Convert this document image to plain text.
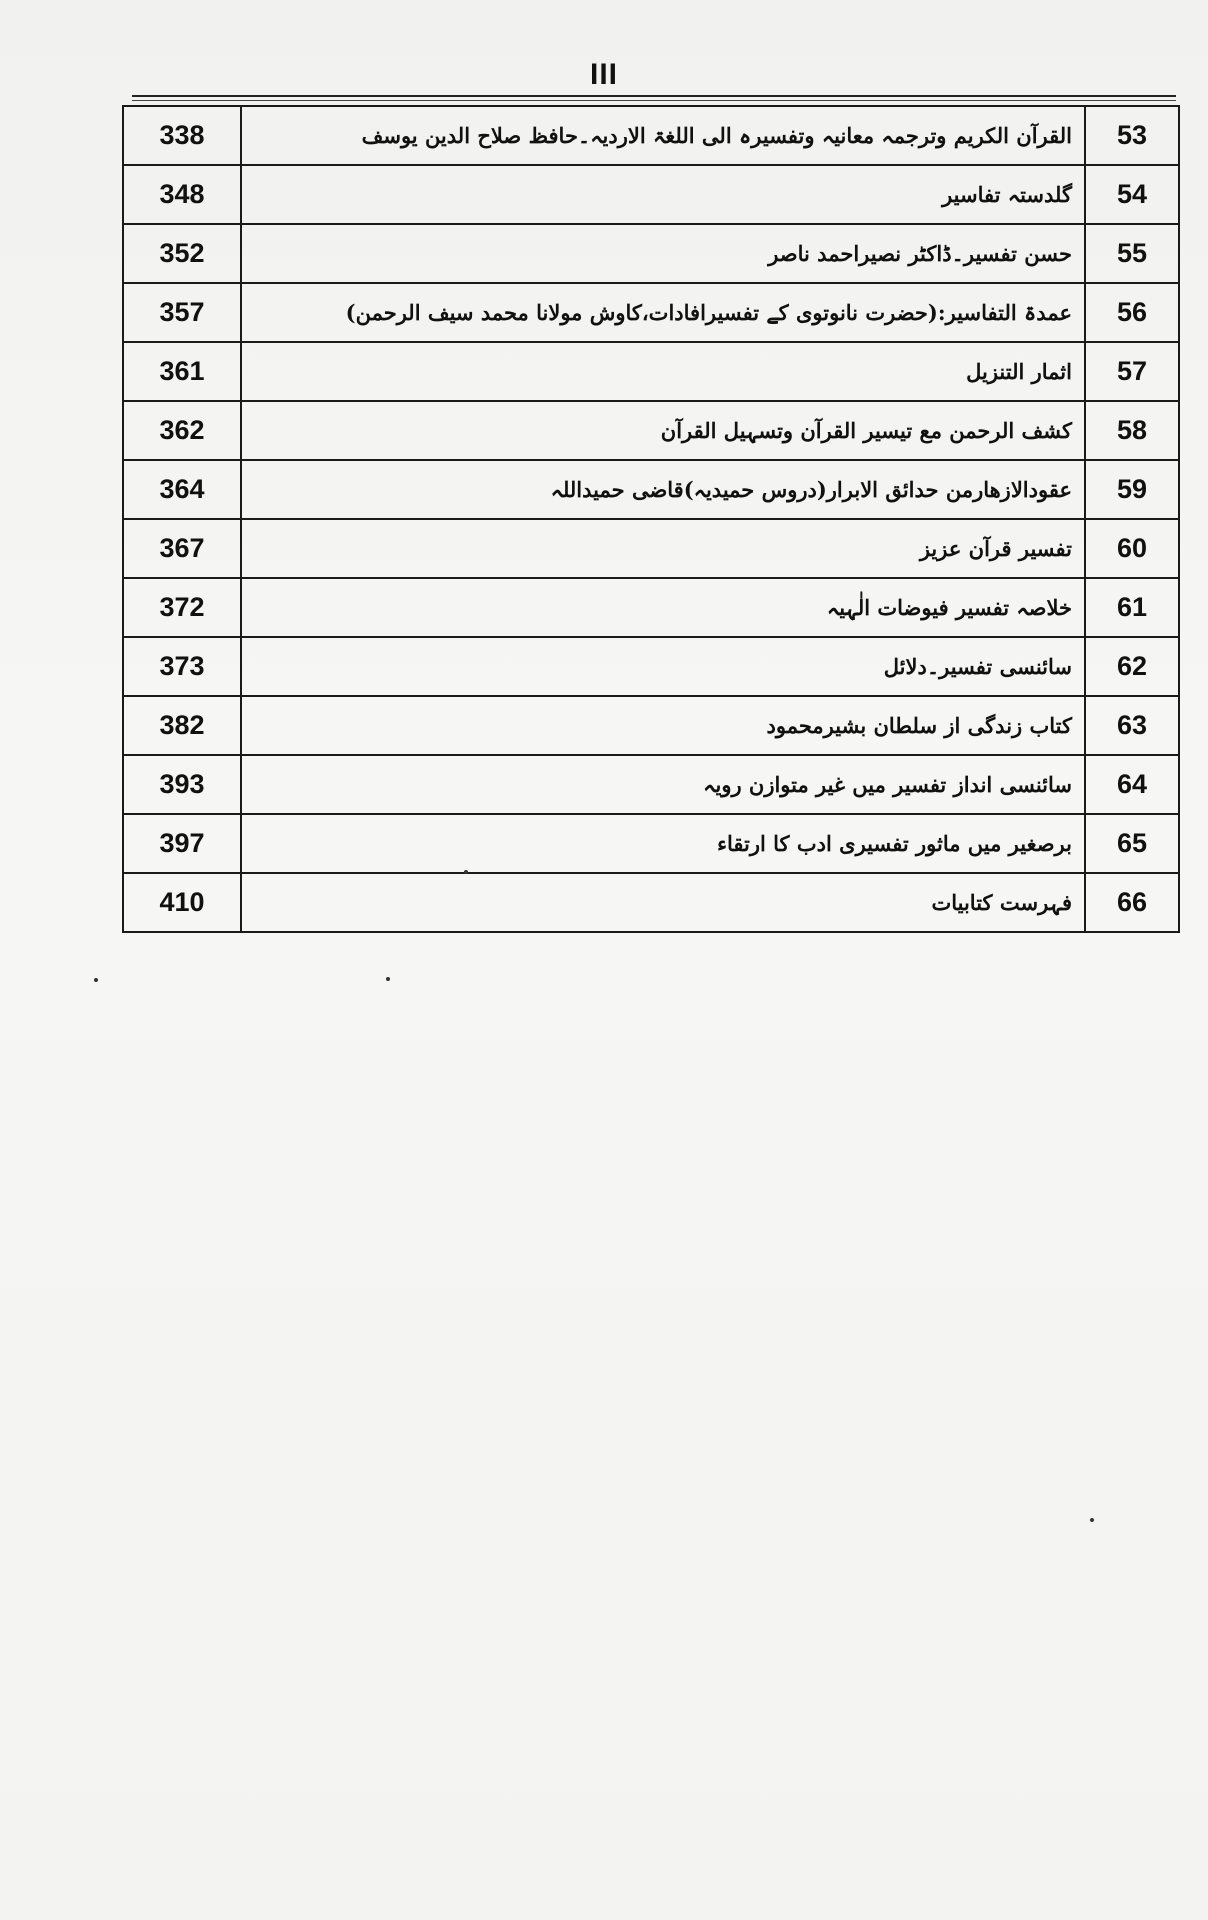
III
338	القرآن الکریم وترجمہ معانیہ وتفسیرہ الی اللغۃ الاردیہ۔حافظ صلاح الدین یوسف	53
348	گلدستہ تفاسیر	54
352	حسن تفسیر۔ڈاکٹر نصیراحمد ناصر	55
357	عمدۃ التفاسیر:(حضرت نانوتوی کے تفسیرافادات،کاوش مولانا محمد سیف الرحمن)	56
361	اثمار التنزیل	57
362	کشف الرحمن مع تیسیر القرآن وتسہیل القرآن	58
364	عقودالازھارمن حدائق الابرار(دروس حمیدیہ)قاضی حمیداللہ	59
367	تفسیر قرآن عزیز	60
372	خلاصہ تفسیر فیوضات الٰہیہ	61
373	سائنسی تفسیر۔دلائل	62
382	کتاب زندگی از سلطان بشیرمحمود	63
393	سائنسی انداز تفسیر میں غیر متوازن رویہ	64
397	برصغیر میں ماثور تفسیری ادب کا ارتقاء	65
410	فہرست کتابیات	66
